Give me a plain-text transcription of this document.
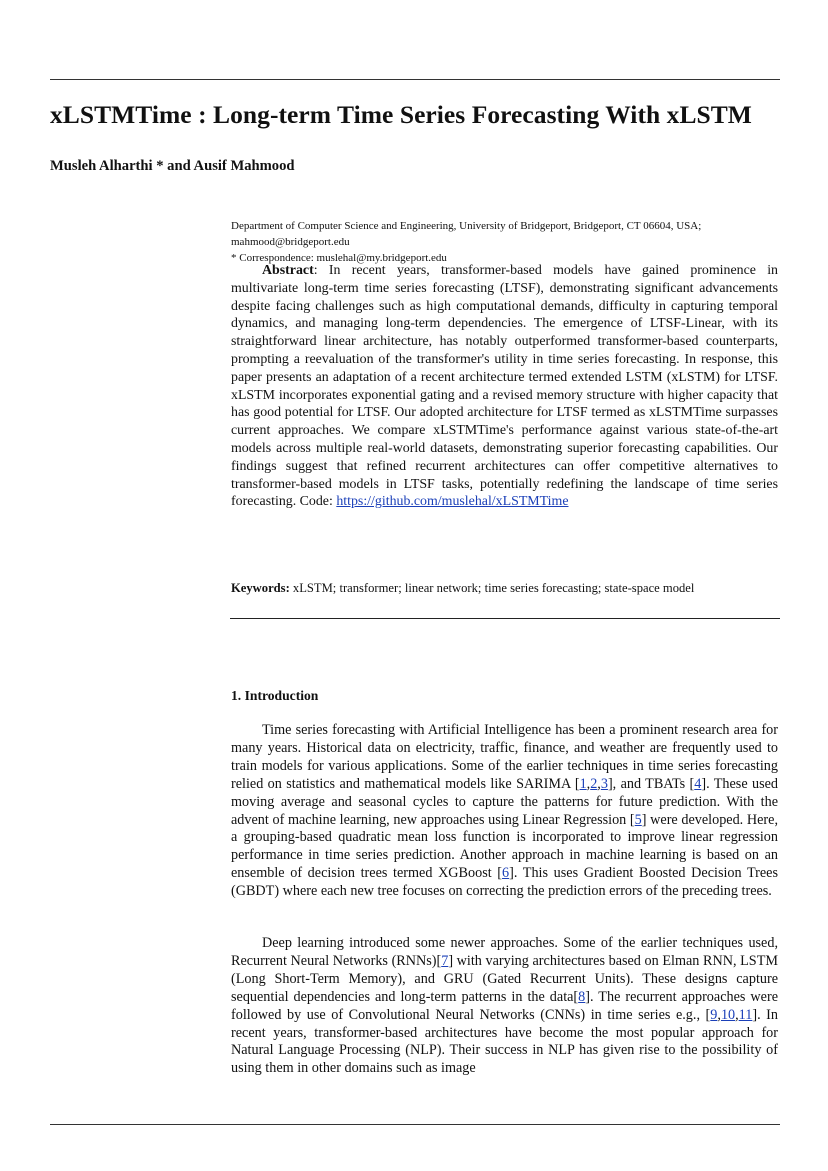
xLSTMTime : Long-term Time Series Forecasting With xLSTM
Musleh Alharthi * and Ausif Mahmood
Department of Computer Science and Engineering, University of Bridgeport, Bridgeport, CT 06604, USA;
mahmood@bridgeport.edu
* Correspondence: muslehal@my.bridgeport.edu

Abstract: In recent years, transformer-based models have gained prominence in multivariate long-term time series forecasting (LTSF), demonstrating significant advancements despite facing challenges such as high computational demands, difficulty in capturing temporal dynamics, and managing long-term dependencies. The emergence of LTSF-Linear, with its straightforward linear architecture, has notably outperformed transformer-based counterparts, prompting a reevaluation of the transformer's utility in time series forecasting. In response, this paper presents an adaptation of a recent architecture termed extended LSTM (xLSTM) for LTSF. xLSTM incorporates exponential gating and a revised memory structure with higher capacity that has good potential for LTSF. Our adopted architecture for LTSF termed as xLSTMTime surpasses current approaches. We compare xLSTMTime's performance against various state-of-the-art models across multiple real-world datasets, demonstrating superior forecasting capabilities. Our findings suggest that refined recurrent architectures can offer competitive alternatives to transformer-based models in LTSF tasks, potentially redefining the landscape of time series forecasting. Code: https://github.com/muslehal/xLSTMTime

Keywords: xLSTM; transformer; linear network; time series forecasting; state-space model
1. Introduction

Time series forecasting with Artificial Intelligence has been a prominent research area for many years. Historical data on electricity, traffic, finance, and weather are frequently used to train models for various applications. Some of the earlier techniques in time series forecasting relied on statistics and mathematical models like SARIMA [1,2,3], and TBATs [4]. These used moving average and seasonal cycles to capture the patterns for future prediction. With the advent of machine learning, new approaches using Linear Regression [5] were developed. Here, a grouping-based quadratic mean loss function is incorporated to improve linear regression performance in time series prediction. Another approach in machine learning is based on an ensemble of decision trees termed XGBoost [6]. This uses Gradient Boosted Decision Trees (GBDT) where each new tree focuses on correcting the prediction errors of the preceding trees.

Deep learning introduced some newer approaches. Some of the earlier techniques used, Recurrent Neural Networks (RNNs)[7] with varying architectures based on Elman RNN, LSTM (Long Short-Term Memory), and GRU (Gated Recurrent Units). These designs capture sequential dependencies and long-term patterns in the data[8]. The recurrent approaches were followed by use of Convolutional Neural Networks (CNNs) in time series e.g., [9,10,11]. In recent years, transformer-based architectures have become the most popular approach for Natural Language Processing (NLP). Their success in NLP has given rise to the possibility of using them in other domains such as image
